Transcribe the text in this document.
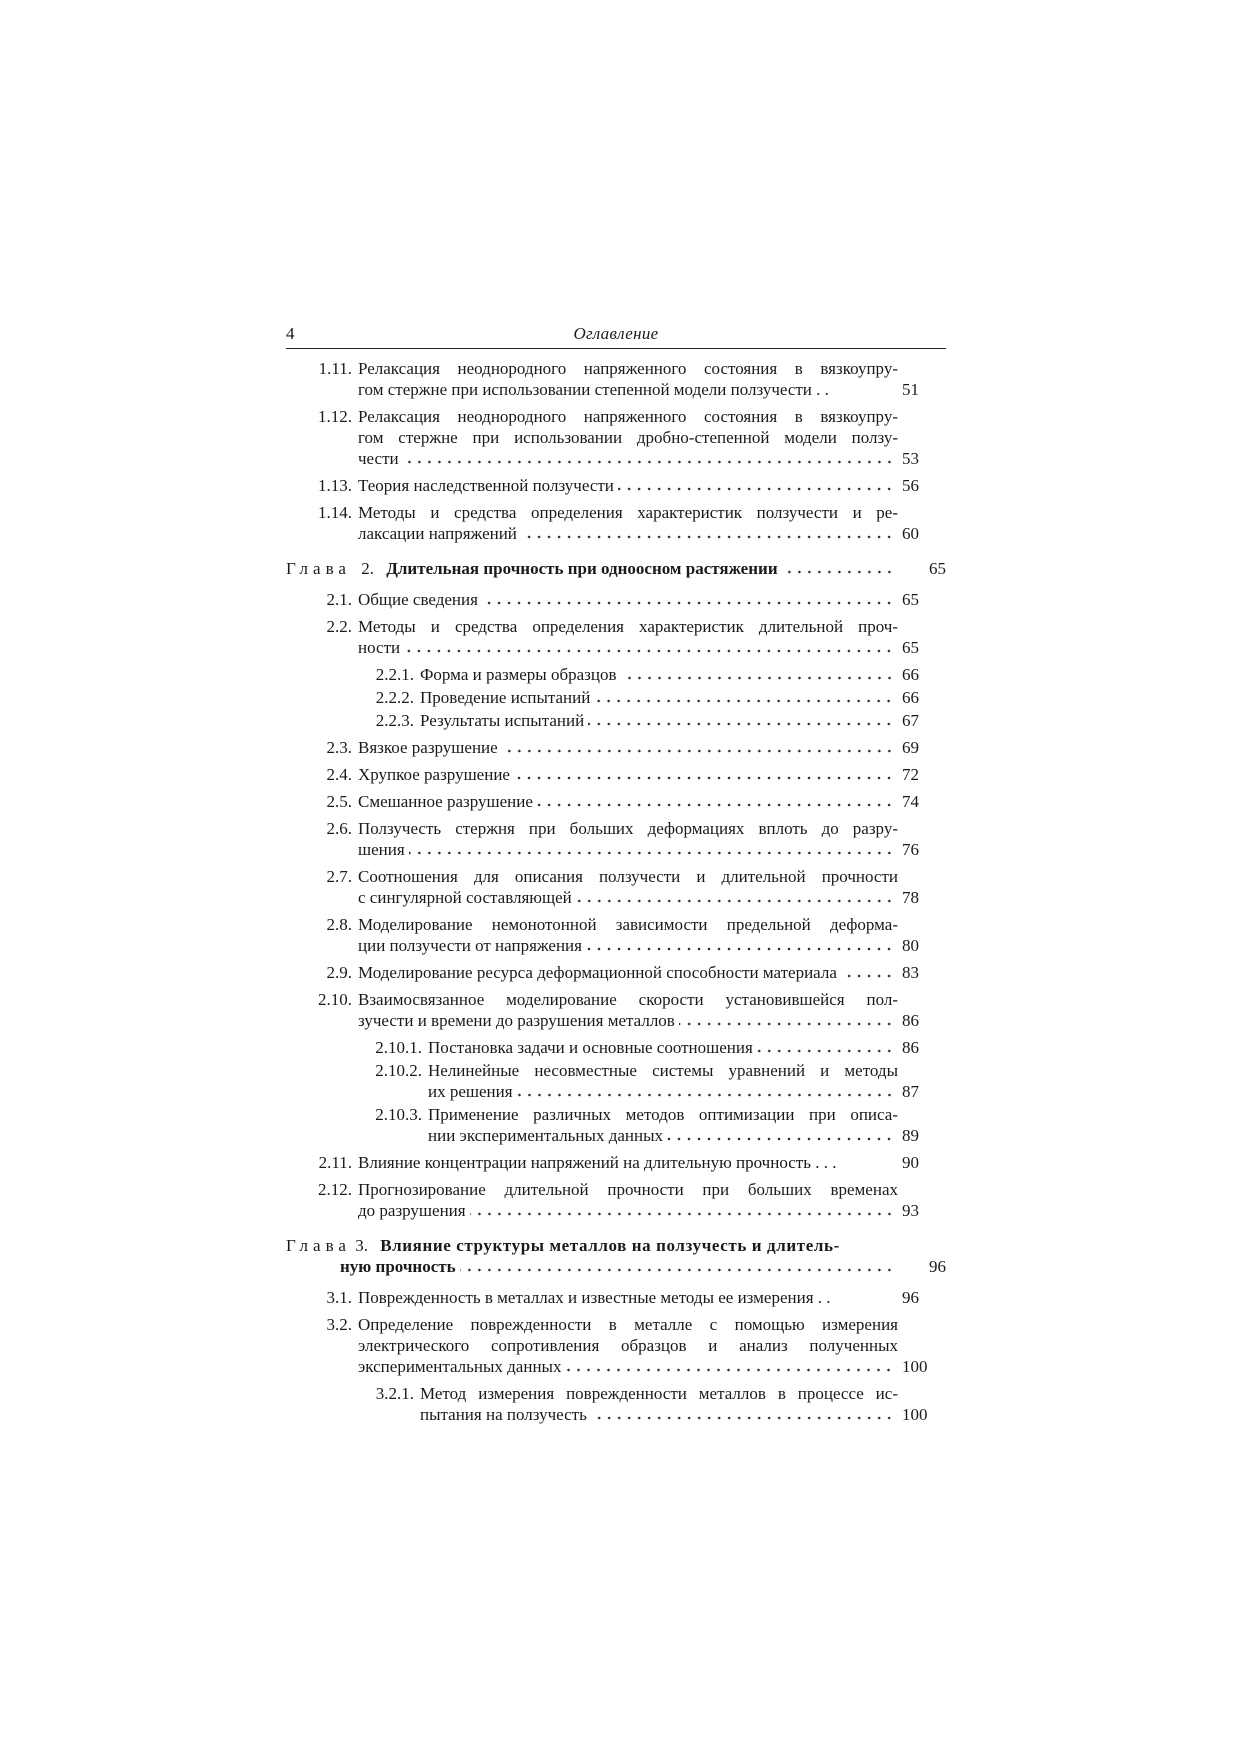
4	Оглавление
1.11. Релаксация неоднородного напряженного состояния в вязкоупру-
гом стержне при использовании степенной модели ползучести . .	51
1.12. Релаксация неоднородного напряженного состояния в вязкоупру-
гом стержне при использовании дробно-степенной модели ползу-
чести	53
1.13. Теория наследственной ползучести	56
1.14. Методы и средства определения характеристик ползучести и ре-
лаксации напряжений	60
Глава 2. Длительная прочность при одноосном растяжении	65
2.1. Общие сведения	65
2.2. Методы и средства определения характеристик длительной проч-
ности	65
2.2.1. Форма и размеры образцов	66
2.2.2. Проведение испытаний	66
2.2.3. Результаты испытаний	67
2.3. Вязкое разрушение	69
2.4. Хрупкое разрушение	72
2.5. Смешанное разрушение	74
2.6. Ползучесть стержня при больших деформациях вплоть до разру-
шения	76
2.7. Соотношения для описания ползучести и длительной прочности
с сингулярной составляющей	78
2.8. Моделирование немонотонной зависимости предельной деформа-
ции ползучести от напряжения	80
2.9. Моделирование ресурса деформационной способности материала	83
2.10. Взаимосвязанное моделирование скорости установившейся пол-
зучести и времени до разрушения металлов	86
2.10.1. Постановка задачи и основные соотношения	86
2.10.2. Нелинейные несовместные системы уравнений и методы
их решения	87
2.10.3. Применение различных методов оптимизации при описа-
нии экспериментальных данных	89
2.11. Влияние концентрации напряжений на длительную прочность . . .	90
2.12. Прогнозирование длительной прочности при больших временах
до разрушения	93
Глава 3. Влияние структуры металлов на ползучесть и длитель-
ную прочность	96
3.1. Поврежденность в металлах и известные методы ее измерения . .	96
3.2. Определение поврежденности в металле с помощью измерения
электрического сопротивления образцов и анализ полученных
экспериментальных данных	100
3.2.1. Метод измерения поврежденности металлов в процессе ис-
пытания на ползучесть	100
